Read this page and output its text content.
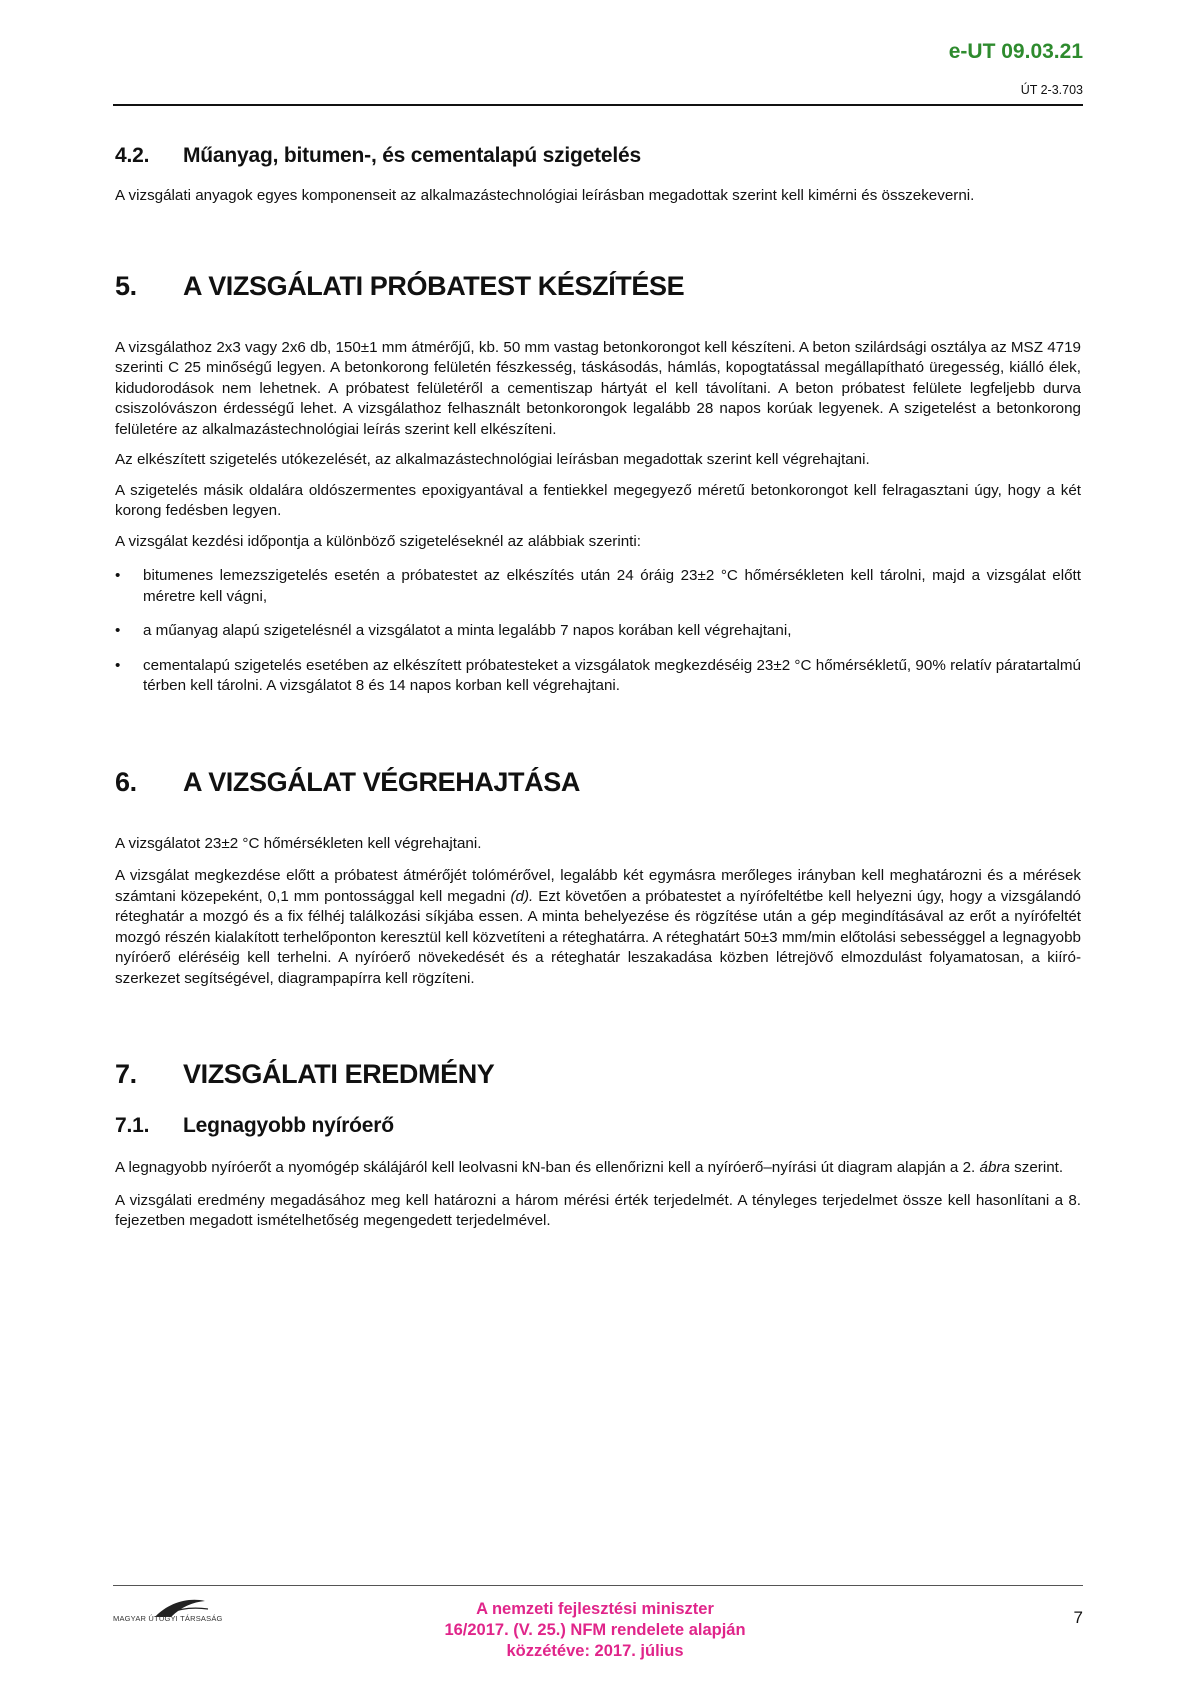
e-UT 09.03.21
ÚT 2-3.703
4.2.	Műanyag, bitumen-, és cementalapú szigetelés

A vizsgálati anyagok egyes komponenseit az alkalmazástechnológiai leírásban megadottak szerint kell kimérni és összekeverni.

5.	A VIZSGÁLATI PRÓBATEST KÉSZÍTÉSE

A vizsgálathoz 2x3 vagy 2x6 db, 150±1 mm átmérőjű, kb. 50 mm vastag betonkorongot kell készíteni. A beton szilárdsági osztálya az MSZ 4719 szerinti C 25 minőségű legyen. A betonkorong felületén fészkesség, táskásodás, hámlás, kopogtatással megállapítható üregesség, kiálló élek, kidudorodások nem lehetnek. A próbatest felületéről a cementiszap hártyát el kell távolítani. A beton próbatest felülete legfeljebb durva csiszolóvászon érdességű lehet. A vizsgálathoz felhasznált betonkorongok legalább 28 napos korúak legyenek. A szigetelést a betonkorong felületére az alkalmazástechnológiai leírás szerint kell elkészíteni.

Az elkészített szigetelés utókezelését, az alkalmazástechnológiai leírásban megadottak szerint kell végrehajtani.

A szigetelés másik oldalára oldószermentes epoxigyantával a fentiekkel megegyező méretű betonkorongot kell felragasztani úgy, hogy a két korong fedésben legyen.

A vizsgálat kezdési időpontja a különböző szigeteléseknél az alábbiak szerinti:

• bitumenes lemezszigetelés esetén a próbatestet az elkészítés után 24 óráig 23±2 °C hőmérsékleten kell tárolni, majd a vizsgálat előtt méretre kell vágni,
• a műanyag alapú szigetelésnél a vizsgálatot a minta legalább 7 napos korában kell végrehajtani,
• cementalapú szigetelés esetében az elkészített próbatesteket a vizsgálatok megkezdéséig 23±2 °C hőmérsékletű, 90% relatív páratartalmú térben kell tárolni. A vizsgálatot 8 és 14 napos korban kell végrehajtani.
6.	A VIZSGÁLAT VÉGREHAJTÁSA

A vizsgálatot 23±2 °C hőmérsékleten kell végrehajtani.

A vizsgálat megkezdése előtt a próbatest átmérőjét tolómérővel, legalább két egymásra merőleges irányban kell meghatározni és a mérések számtani közepeként, 0,1 mm pontossággal kell megadni (d). Ezt követően a próbatestet a nyírófeltétbe kell helyezni úgy, hogy a vizsgálandó réteghatár a mozgó és a fix félhéj találkozási síkjába essen. A minta behelyezése és rögzítése után a gép megindításával az erőt a nyírófeltét mozgó részén kialakított terhelőponton keresztül kell közvetíteni a réteghatárra. A réteghatárt 50±3 mm/min előtolási sebességgel a legnagyobb nyíróerő eléréséig kell terhelni. A nyíróerő növekedését és a réteghatár leszakadása közben létrejövő elmozdulást folyamatosan, a kiírószerkezet segítségével, diagrampapírra kell rögzíteni.

7.	VIZSGÁLATI EREDMÉNY
7.1.	Legnagyobb nyíróerő

A legnagyobb nyíróerőt a nyomógép skálájáról kell leolvasni kN-ban és ellenőrizni kell a nyíróerő–nyírási út diagram alapján a 2. ábra szerint.

A vizsgálati eredmény megadásához meg kell határozni a három mérési érték terjedelmét. A tényleges terjedelmet össze kell hasonlítani a 8. fejezetben megadott ismételhetőség megengedett terjedelmével.

MAGYAR ÚTÜGYI TÁRSASÁG
A nemzeti fejlesztési miniszter
16/2017. (V. 25.) NFM rendelete alapján
közzétéve: 2017. július
7
